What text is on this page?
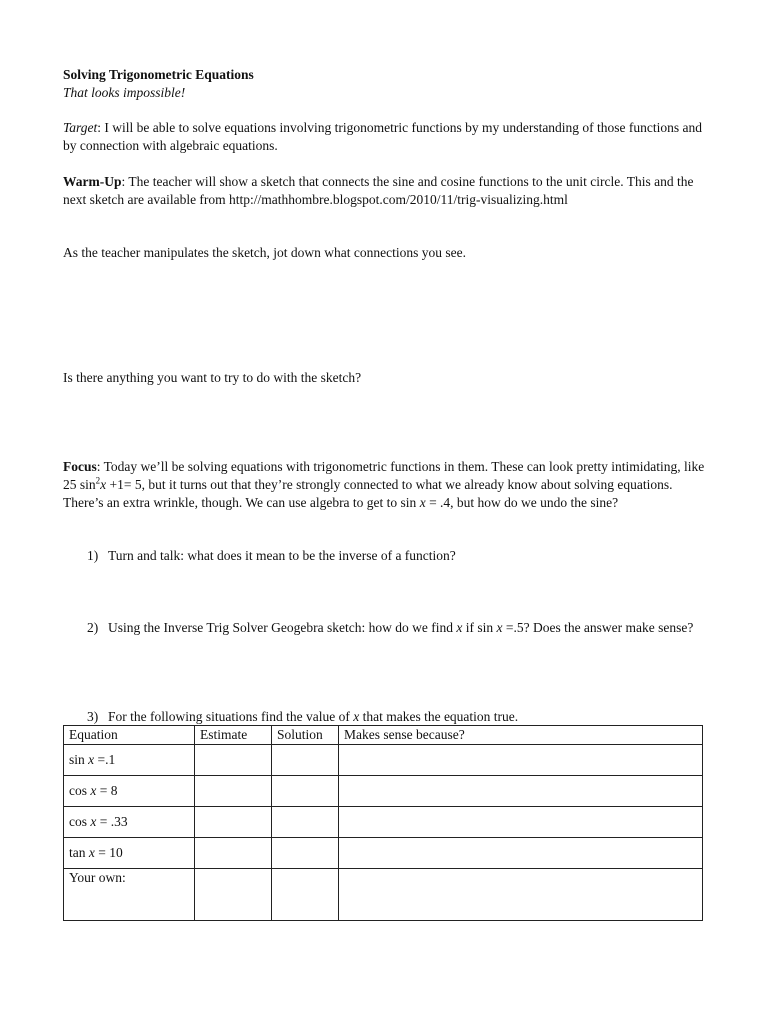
Solving Trigonometric Equations
That looks impossible!
Target: I will be able to solve equations involving trigonometric functions by my understanding of those functions and by connection with algebraic equations.
Warm-Up: The teacher will show a sketch that connects the sine and cosine functions to the unit circle. This and the next sketch are available from http://mathhombre.blogspot.com/2010/11/trig-visualizing.html
As the teacher manipulates the sketch, jot down what connections you see.
Is there anything you want to try to do with the sketch?
Focus: Today we’ll be solving equations with trigonometric functions in them. These can look pretty intimidating, like 25 $\sin^2x +1= 5$, but it turns out that they’re strongly connected to what we already know about solving equations. There’s an extra wrinkle, though. We can use algebra to get to sin x = .4, but how do we undo the sine?
1) Turn and talk: what does it mean to be the inverse of a function?
2) Using the Inverse Trig Solver Geogebra sketch: how do we find x if sin x =.5? Does the answer make sense?
3) For the following situations find the value of x that makes the equation true.
Equation	Estimate	Solution	Makes sense because?
sin x =.1			
cos x = 8			
cos x = .33			
tan x = 10			
Your own:			
